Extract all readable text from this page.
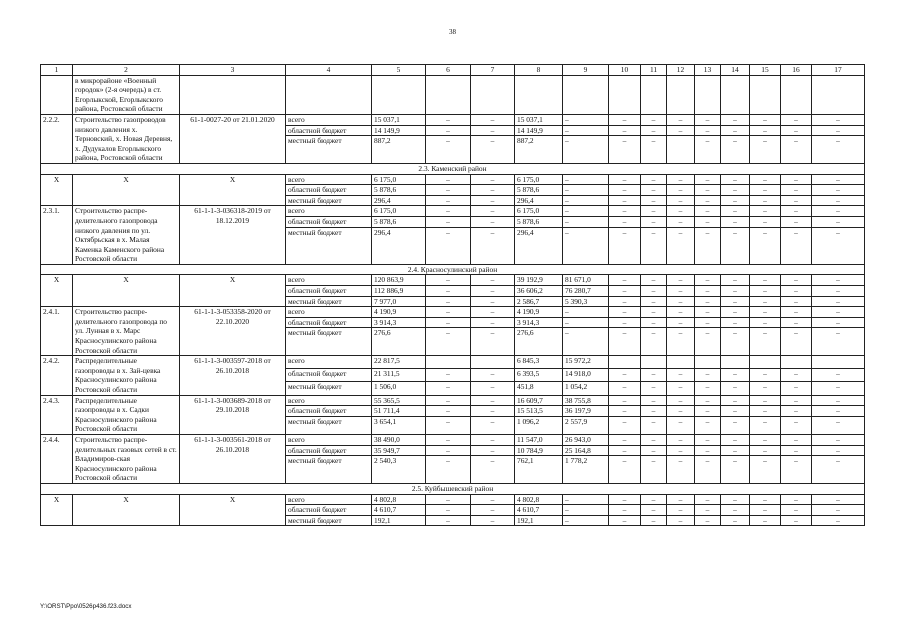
38
1	2	3	4	5	6	7	8	9	10	11	12	13	14	15	16	17
	в микрорайоне «Военный городок» (2-я очередь) в ст. Егорлыкской, Егорлыкского района, Ростовской области															
2.2.2.	Строительство газопроводов низкого давления х. Терновский, х. Новая Деревня, х. Дудукалов Егорлыкского района, Ростовской области	61-1-0027-20 от 21.01.2020	всего	15 037,1	–	–	15 037,1	–	–	–	–	–	–	–	–	–
			областной бюджет	14 149,9	–	–	14 149,9	–	–	–	–	–	–	–	–	–
			местный бюджет	887,2	–	–	887,2	–	–	–		–	–	–	–	–

2.3. Каменский район																
X	X	X	всего	6 175,0	–	–	6 175,0	–	–	–	–	–	–	–	–	–
			областной бюджет	5 878,6	–	–	5 878,6	–	–	–	–	–	–	–	–	–
			местный бюджет	296,4	–	–	296,4	–	–	–	–	–	–	–	–	–
2.3.1.	Строительство распре-делительного газопровода низкого давления по ул. Октябрьская в х. Малая Каменка Каменского района Ростовской области	61-1-1-3-036318-2019 от 18.12.2019	всего	6 175,0	–	–	6 175,0	–	–	–	–	–	–	–	–	–
			областной бюджет	5 878,6	–	–	5 878,6	–	–	–	–	–	–	–	–	–
			местный бюджет	296,4	–	–	296,4	–	–	–	–	–	–	–	–	–

2.4. Красносулинский район																
X	X	X	всего	120 863,9	–	–	39 192,9	81 671,0	–	–	–	–	–	–	–	–
			областной бюджет	112 886,9	–	–	36 606,2	76 280,7	–	–	–	–	–	–	–	–
			местный бюджет	7 977,0	–	–	2 586,7	5 390,3	–	–	–	–	–	–	–	–
2.4.1.	Строительство распре-делительного газопровода по ул. Лунная в х. Марс Красносулинского района Ростовской области	61-1-1-3-053358-2020 от 22.10.2020	всего	4 190,9	–	–	4 190,9	–	–	–	–	–	–	–	–	–
			областной бюджет	3 914,3	–	–	3 914,3	–	–	–	–	–	–	–	–	–
			местный бюджет	276,6	–	–	276,6	–	–	–	–	–	–	–	–	–

2.4.2.	Распределительные газопроводы в х. Зай-цевка Красносулинского района Ростовской области	61-1-1-3-003597-2018 от 26.10.2018	всего	22 817,5			6 845,3	15 972,2								
			областной бюджет	21 311,5	–	–	6 393,5	14 918,0	–	–	–	–	–	–	–	–
			местный бюджет	1 506,0	–	–	451,8	1 054,2	–	–	–	–	–	–	–	–
2.4.3.	Распределительные газопроводы в х. Садки Красносулинского района Ростовской области	61-1-1-3-003689-2018 от 29.10.2018	всего	55 365,5	–	–	16 609,7	38 755,8	–	–	–	–	–	–	–	–
			областной бюджет	51 711,4	–	–	15 513,5	36 197,9	–	–	–	–	–	–	–	–
			местный бюджет	3 654,1	–	–	1 096,2	2 557,9	–	–	–	–	–	–	–	–

2.4.4.	Строительство распре-делительных газовых сетей в ст. Владимиров-ская Красносулинского района Ростовской области	61-1-1-3-003561-2018 от 26.10.2018	всего	38 490,0	–	–	11 547,0	26 943,0	–	–	–	–	–	–	–	–
			областной бюджет	35 949,7	–	–	10 784,9	25 164,8	–	–	–	–	–	–	–	–
			местный бюджет	2 540,3	–	–	762,1	1 778,2	–	–	–	–	–	–	–	–

2.5. Куйбышевский район																
X	X	X	всего	4 802,8	–	–	4 802,8	–	–	–	–	–	–	–	–	–
			областной бюджет	4 610,7	–	–	4 610,7	–	–	–	–	–	–	–	–	–
			местный бюджет	192,1	–	–	192,1	–	–	–	–	–	–	–	–	–
Y:\ORST\Ppo\0526p436.f23.docx
